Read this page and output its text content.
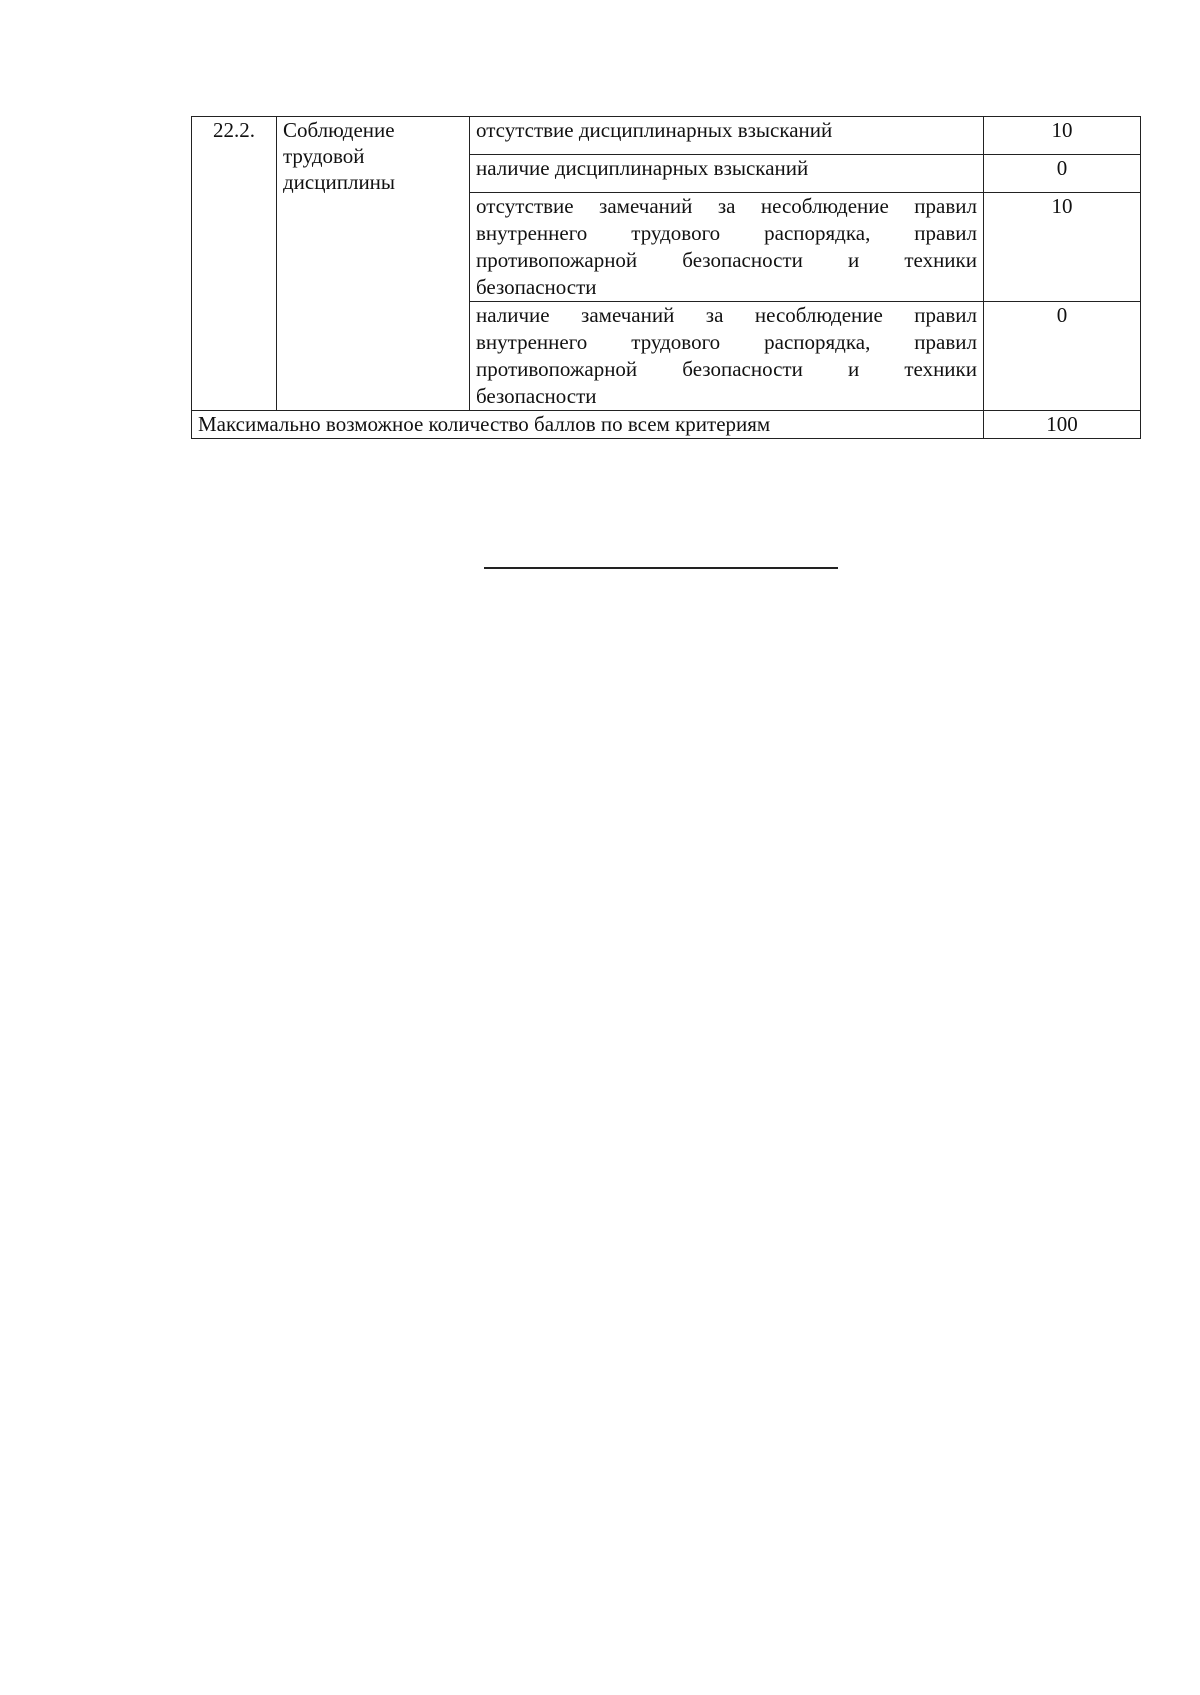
22.2.	Соблюдение трудовой дисциплины	отсутствие дисциплинарных взысканий	10
		наличие дисциплинарных взысканий	0
		отсутствие замечаний за несоблюдение правил внутреннего трудового распорядка, правил противопожарной безопасности и техники безопасности	10
		наличие замечаний за несоблюдение правил внутреннего трудового распорядка, правил противопожарной безопасности и техники безопасности	0
Максимально возможное количество баллов по всем критериям			100
